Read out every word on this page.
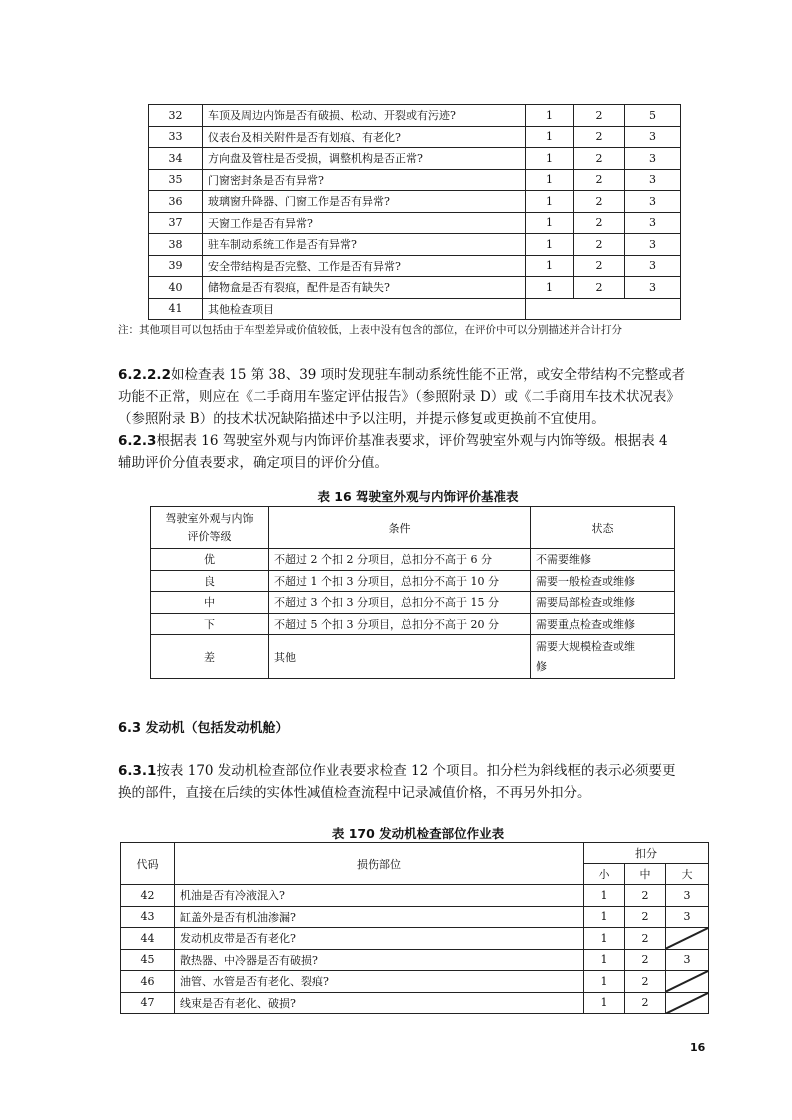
32	车顶及周边内饰是否有破损、松动、开裂或有污迹?	1	2	5
33	仪表台及相关附件是否有划痕、有老化?	1	2	3
34	方向盘及管柱是否受损，调整机构是否正常?	1	2	3
35	门窗密封条是否有异常?	1	2	3
36	玻璃窗升降器、门窗工作是否有异常?	1	2	3
37	天窗工作是否有异常?	1	2	3
38	驻车制动系统工作是否有异常?	1	2	3
39	安全带结构是否完整、工作是否有异常?	1	2	3
40	储物盒是否有裂痕，配件是否有缺失?	1	2	3
41	其他检查项目			
注：其他项目可以包括由于车型差异或价值较低，上表中没有包含的部位，在评价中可以分别描述并合计打分
6.2.2.2如检查表 15 第 38、39 项时发现驻车制动系统性能不正常，或安全带结构不完整或者
功能不正常，则应在《二手商用车鉴定评估报告》（参照附录 D）或《二手商用车技术状况表》
（参照附录 B）的技术状况缺陷描述中予以注明，并提示修复或更换前不宜使用。
6.2.3根据表 16 驾驶室外观与内饰评价基准表要求，评价驾驶室外观与内饰等级。根据表 4
辅助评价分值表要求，确定项目的评价分值。
表 16 驾驶室外观与内饰评价基准表
驾驶室外观与内饰
评价等级	条件	状态
优	不超过 2 个扣 2 分项目，总扣分不高于 6 分	不需要维修
良	不超过 1 个扣 3 分项目，总扣分不高于 10 分	需要一般检查或维修
中	不超过 3 个扣 3 分项目，总扣分不高于 15 分	需要局部检查或维修
下	不超过 5 个扣 3 分项目，总扣分不高于 20 分	需要重点检查或维修
差	其他	需要大规模检查或维
修
6.3 发动机（包括发动机舱）
6.3.1按表 170 发动机检查部位作业表要求检查 12 个项目。扣分栏为斜线框的表示必须要更
换的部件，直接在后续的实体性减值检查流程中记录减值价格，不再另外扣分。
表 170 发动机检查部位作业表
代码	损伤部位	扣分		
		小	中	大
42	机油是否有冷液混入?	1	2	3
43	缸盖外是否有机油渗漏?	1	2	3
44	发动机皮带是否有老化?	1	2	

45	散热器、中冷器是否有破损?	1	2	3
46	油管、水管是否有老化、裂痕?	1	2	

47	线束是否有老化、破损?	1	2	
16
